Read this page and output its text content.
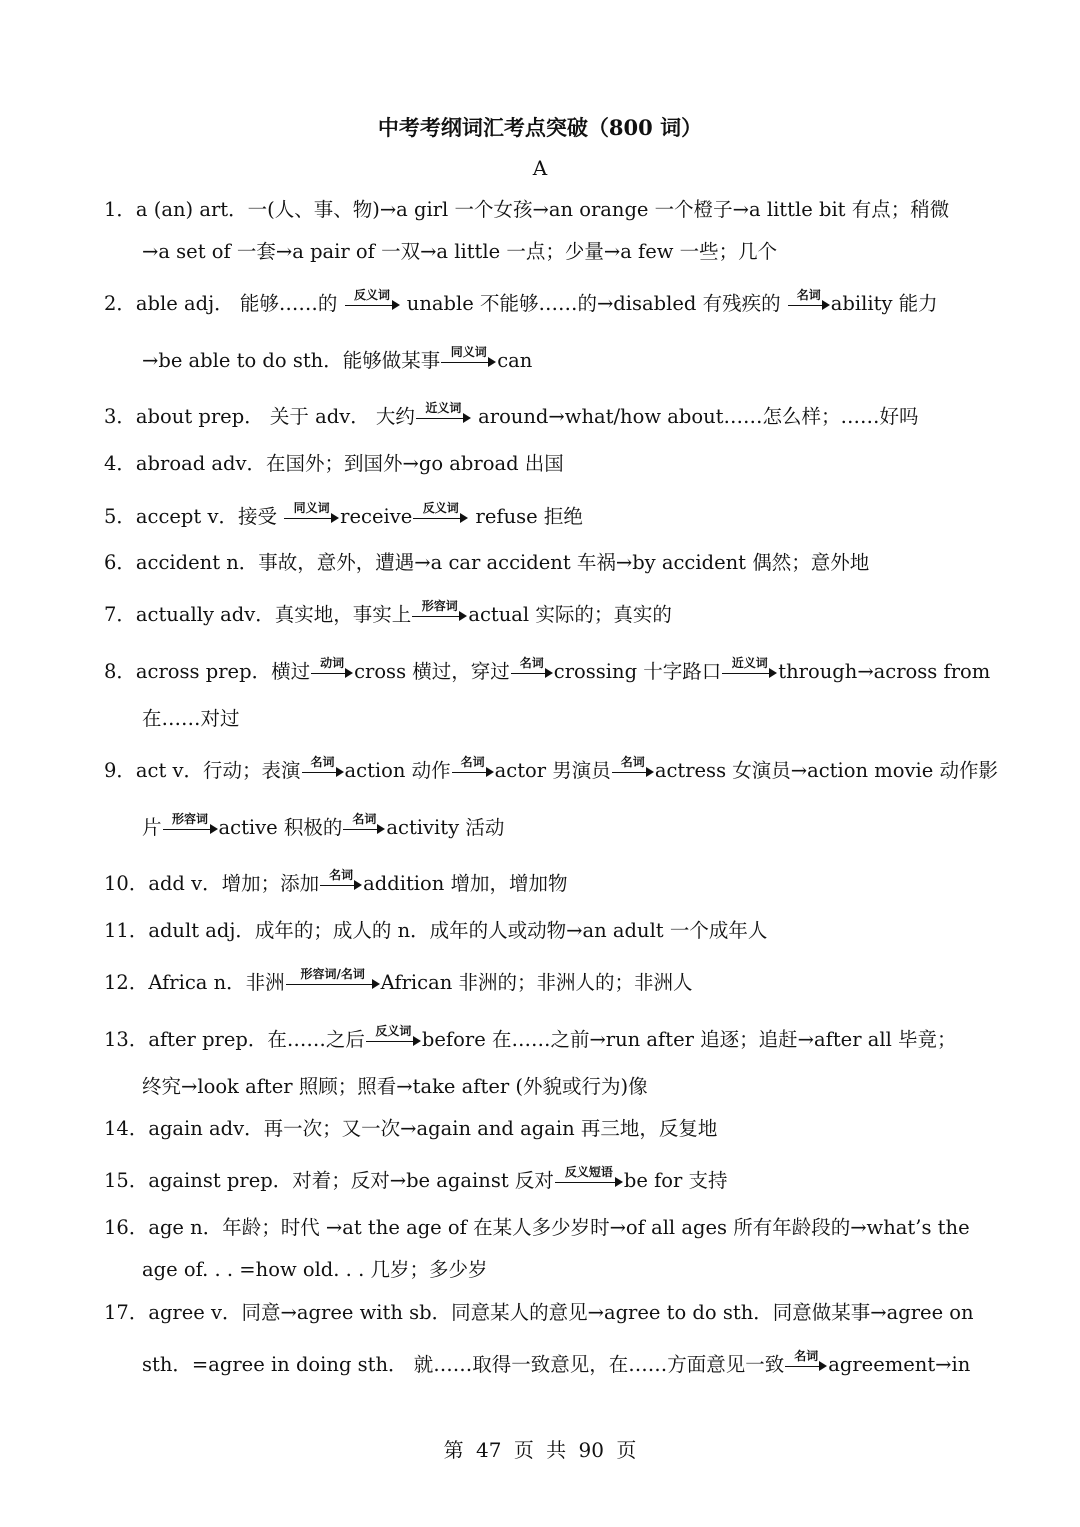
中考考纲词汇考点突破（800 词）
A
1．a (an) art．一(人、事、物)→a girl 一个女孩→an orange 一个橙子→a little bit 有点；稍微
→a set of 一套→a pair of 一双→a little 一点；少量→a few 一些；几个
2．able adj． 能够……的 反义词 unable 不能够……的→disabled 有残疾的 名词 ability 能力
→be able to do sth．能够做某事 同义词 can
3．about prep． 关于 adv． 大约 近义词 around→what/how about……怎么样；……好吗
4．abroad adv．在国外；到国外→go abroad 出国
5．accept v．接受 同义词 receive 反义词 refuse 拒绝
6．accident n．事故，意外，遭遇→a car accident 车祸→by accident 偶然；意外地
7．actually adv．真实地，事实上 形容词 actual 实际的；真实的
8．across prep．横过 动词 cross 横过，穿过 名词 crossing 十字路口 近义词 through→across from
在……对过
9．act v．行动；表演 名词 action 动作 名词 actor 男演员 名词 actress 女演员→action movie 动作影
片 形容词 active 积极的 名词 activity 活动
10．add v．增加；添加 名词 addition 增加，增加物
11．adult adj．成年的；成人的 n．成年的人或动物→an adult 一个成年人
12．Africa n．非洲	形容词/名词 African 非洲的；非洲人的；非洲人
13．after prep．在……之后 反义词 before 在……之前→run after 追逐；追赶→after all 毕竟；
终究→look after 照顾；照看→take after (外貌或行为)像
14．again adv．再一次；又一次→again and again 再三地，反复地
15．against prep．对着；反对→be against 反对 反义短语 be for 支持
16．age n．年龄；时代 →at the age of 在某人多少岁时→of all ages 所有年龄段的→what’s the
age of. . . =how old. . . 几岁；多少岁
17．agree v．同意→agree with sb．同意某人的意见→agree to do sth．同意做某事→agree on
sth．=agree in doing sth． 就……取得一致意见，在……方面意见一致 名词 agreement→in
第 47 页 共 90 页
